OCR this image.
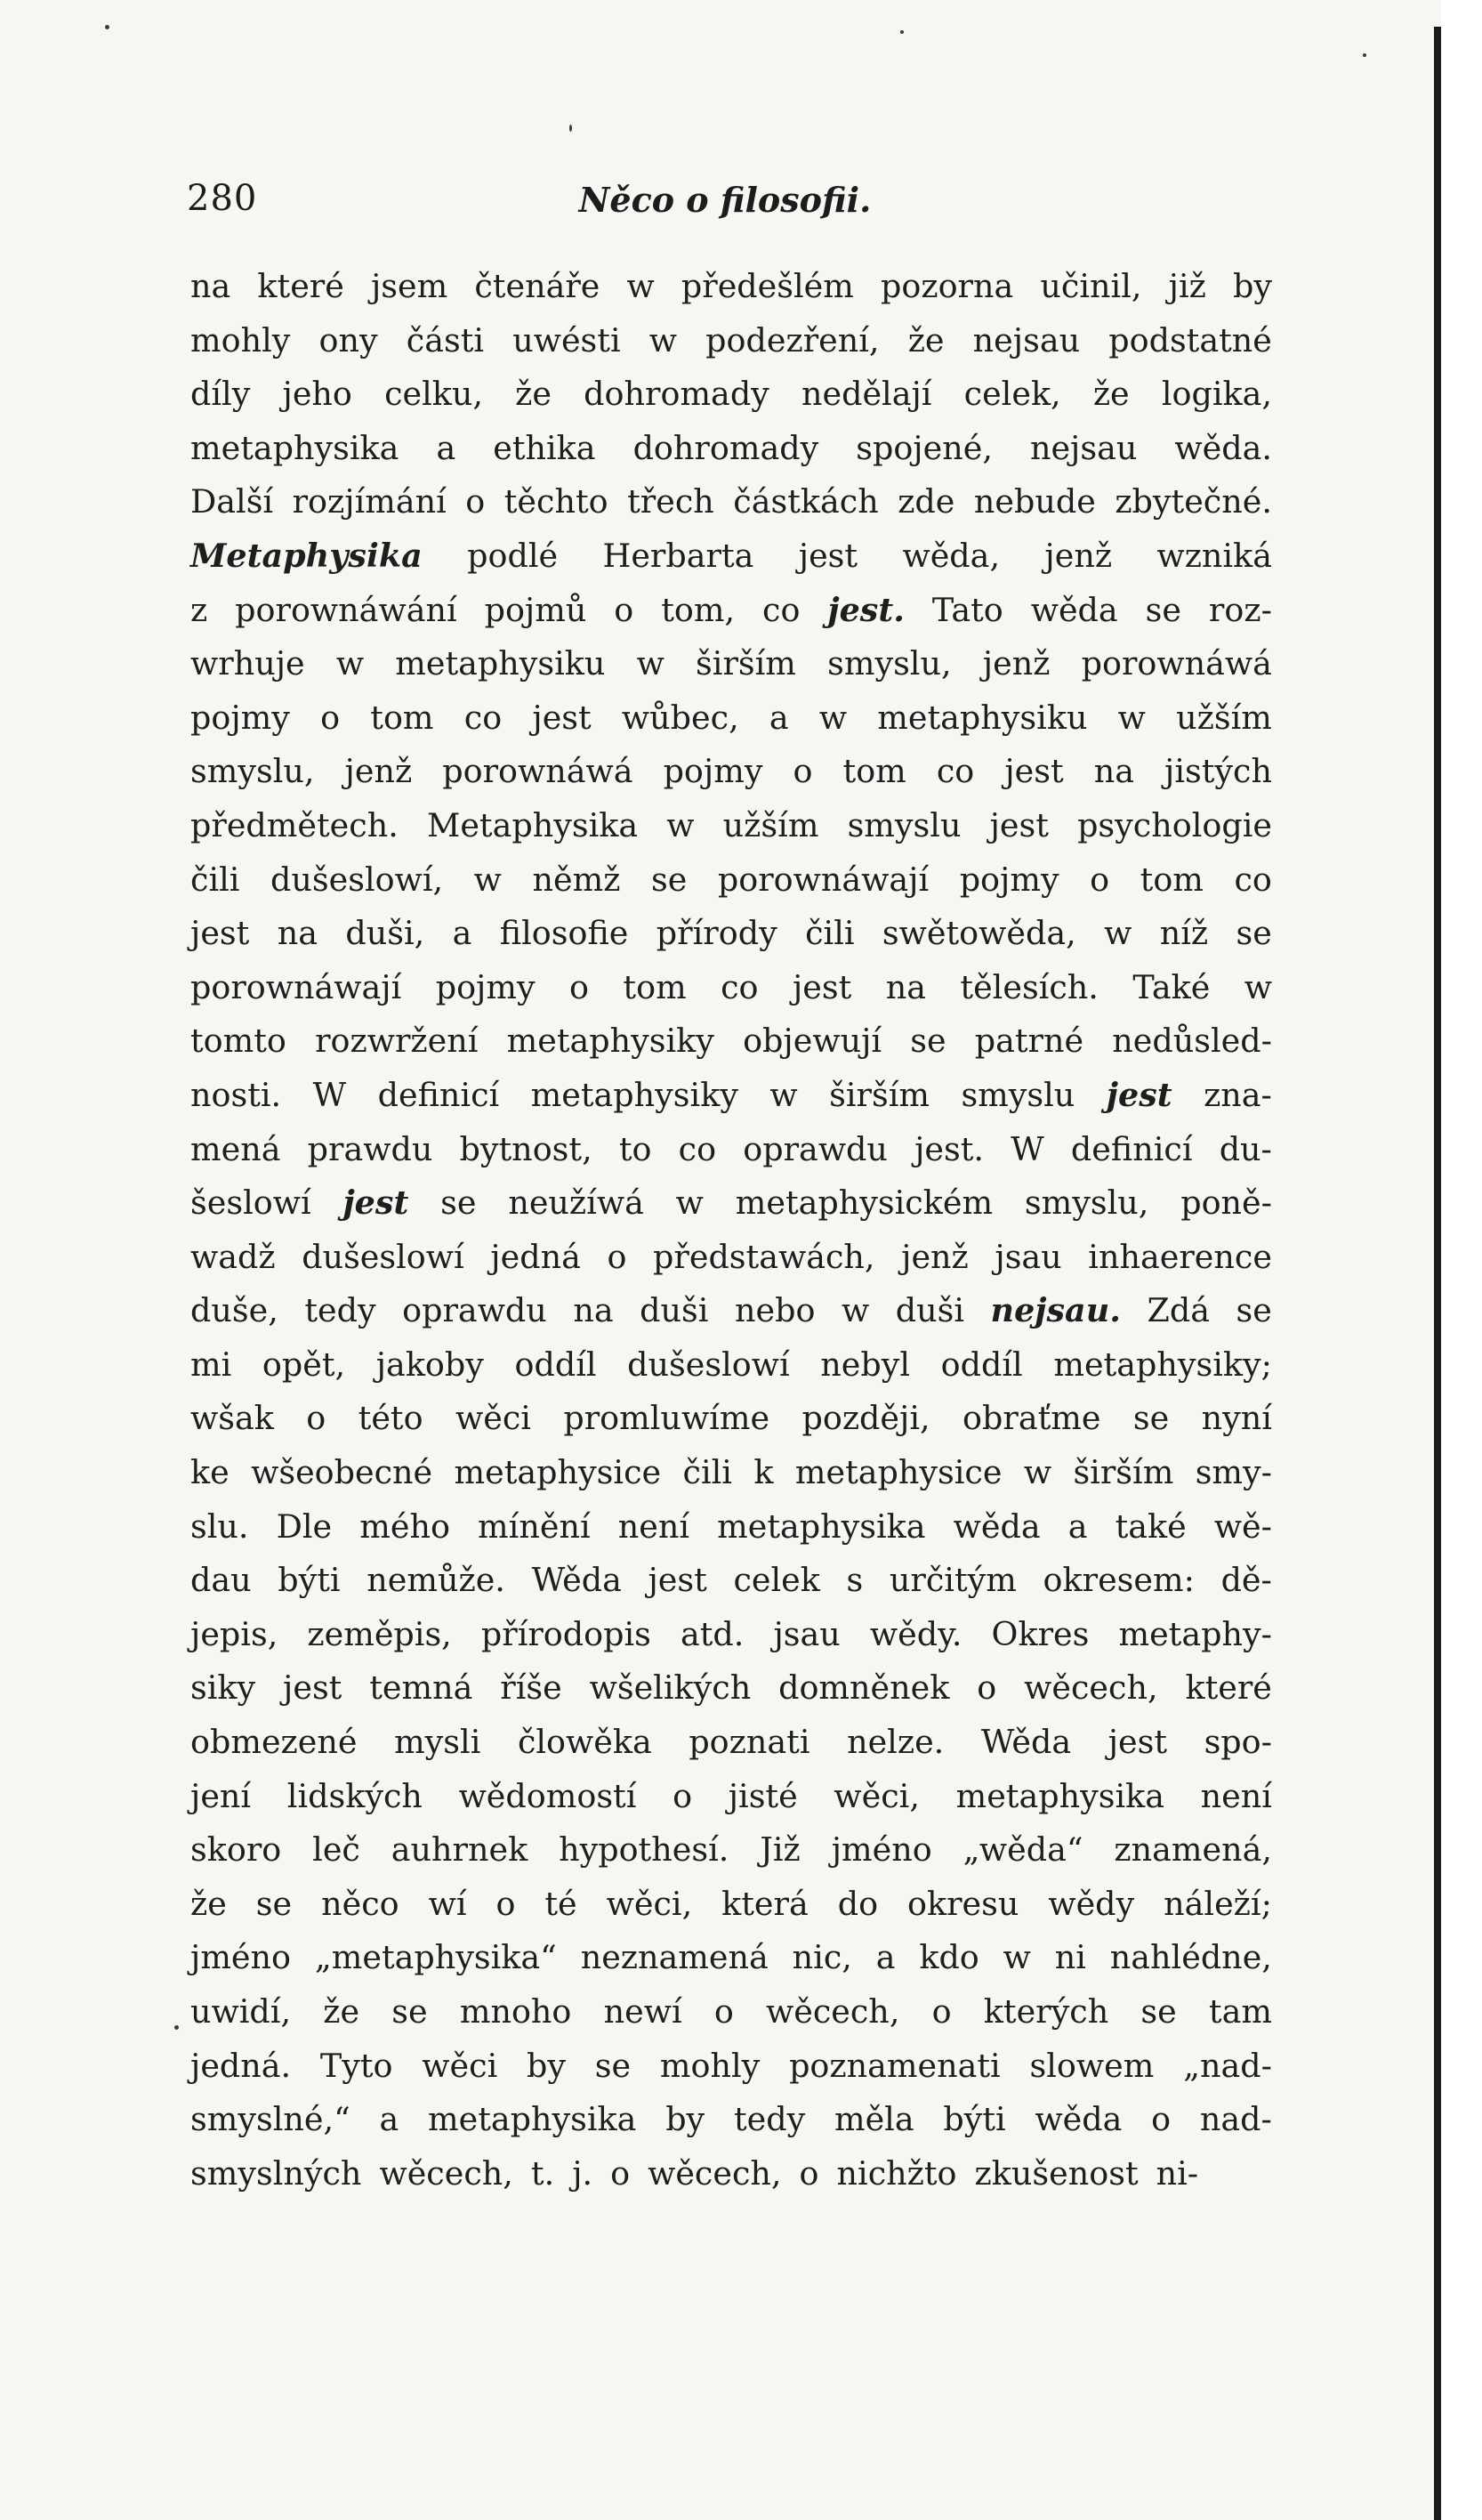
280	Něco o filosofii.
na které jsem čtenáře w předešlém pozorna učinil, již by
mohly ony části uwésti w podezření, že nejsau podstatné
díly jeho celku, že dohromady nedělají celek, že logika,
metaphysika a ethika dohromady spojené, nejsau wěda.
Další rozjímání o těchto třech částkách zde nebude zbytečné.
Metaphysika podlé Herbarta jest wěda, jenž wzniká
z porownáwání pojmů o tom, co jest. Tato wěda se roz-
wrhuje w metaphysiku w širším smyslu, jenž porownáwá
pojmy o tom co jest wůbec, a w metaphysiku w užším
smyslu, jenž porownáwá pojmy o tom co jest na jistých
předmětech. Metaphysika w užším smyslu jest psychologie
čili dušeslowí, w němž se porownáwají pojmy o tom co
jest na duši, a filosofie přírody čili swětowěda, w níž se
porownáwají pojmy o tom co jest na tělesích. Také w
tomto rozwržení metaphysiky objewují se patrné nedůsled-
nosti. W definicí metaphysiky w širším smyslu jest zna-
mená prawdu bytnost, to co oprawdu jest. W definicí du-
šeslowí jest se neužíwá w metaphysickém smyslu, poně-
wadž dušeslowí jedná o předstawách, jenž jsau inhaerence
duše, tedy oprawdu na duši nebo w duši nejsau. Zdá se
mi opět, jakoby oddíl dušeslowí nebyl oddíl metaphysiky;
wšak o této wěci promluwíme později, obraťme se nyní
ke wšeobecné metaphysice čili k metaphysice w širším smy-
slu. Dle mého mínění není metaphysika wěda a také wě-
dau býti nemůže. Wěda jest celek s určitým okresem: dě-
jepis, zeměpis, přírodopis atd. jsau wědy. Okres metaphy-
siky jest temná říše wšelikých domněnek o wěcech, které
obmezené mysli člowěka poznati nelze. Wěda jest spo-
jení lidských wědomostí o jisté wěci, metaphysika není
skoro leč auhrnek hypothesí. Již jméno „wěda“ znamená,
že se něco wí o té wěci, která do okresu wědy náleží;
jméno „metaphysika“ neznamená nic, a kdo w ni nahlédne,
uwidí, že se mnoho newí o wěcech, o kterých se tam
jedná. Tyto wěci by se mohly poznamenati slowem „nad-
smyslné,“ a metaphysika by tedy měla býti wěda o nad-
smyslných wěcech, t. j. o wěcech, o nichžto zkušenost ni-
